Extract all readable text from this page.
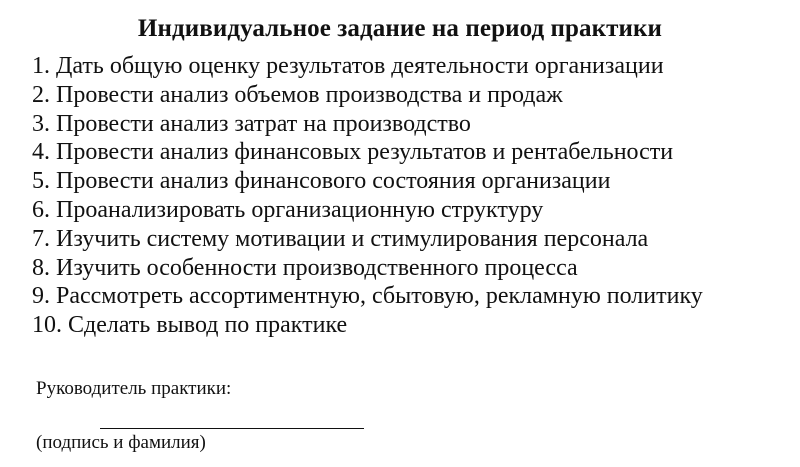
Индивидуальное задание на период практики
1. Дать общую оценку результатов деятельности организации
2. Провести анализ объемов производства и продаж
3. Провести анализ затрат на производство
4. Провести анализ финансовых результатов и рентабельности
5. Провести анализ финансового состояния организации
6. Проанализировать организационную структуру
7. Изучить систему мотивации и стимулирования персонала
8. Изучить особенности производственного процесса
9. Рассмотреть ассортиментную, сбытовую, рекламную политику
10. Сделать вывод по практике
Руководитель практики:
(подпись и фамилия)
